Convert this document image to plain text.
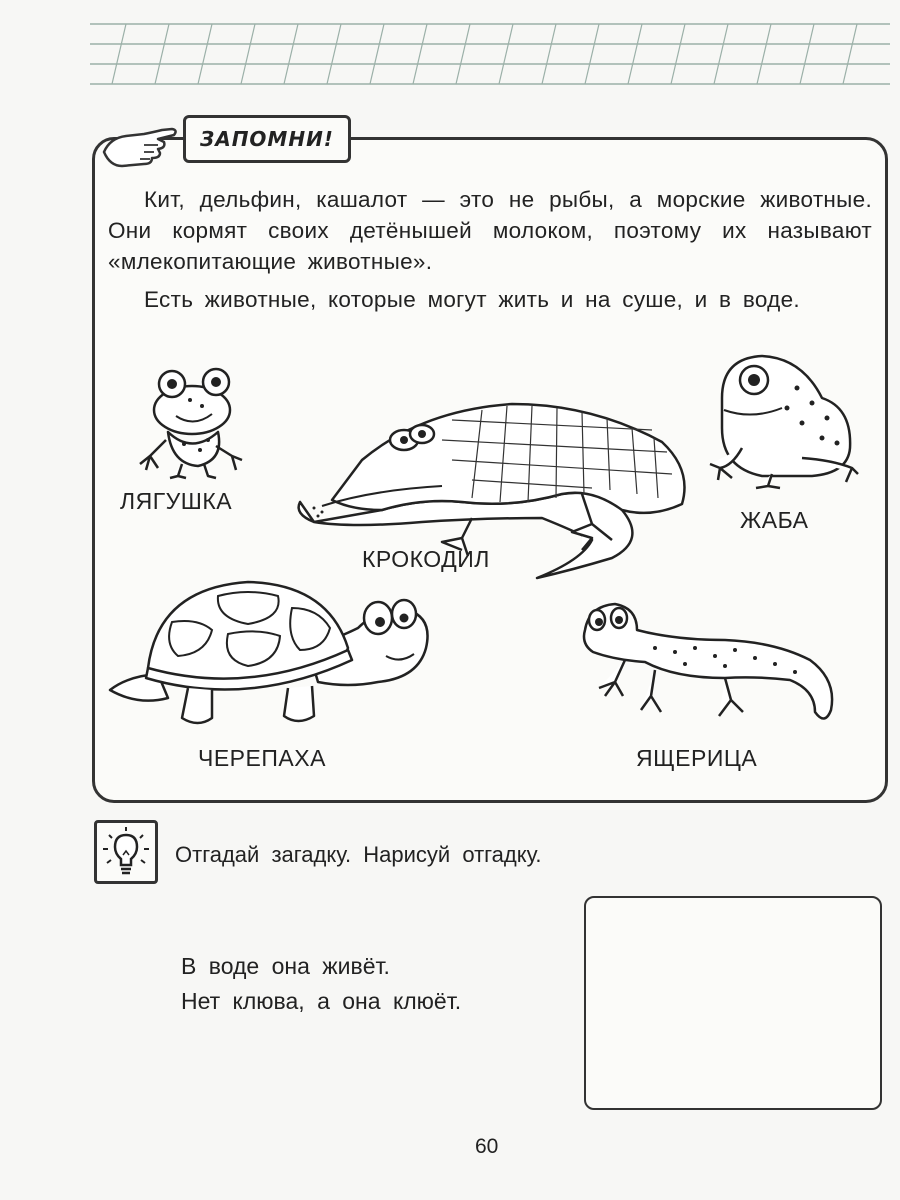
ЗАПОМНИ!
Кит, дельфин, кашалот — это не рыбы, а морские животные. Они кормят своих детёнышей молоком, поэтому их называют «млекопитающие животные».
Есть животные, которые могут жить и на суше, и в воде.
ЛЯГУШКА
КРОКОДИЛ
ЖАБА
ЧЕРЕПАХА	ЯЩЕРИЦА
Отгадай загадку. Нарисуй отгадку.
В воде она живёт.
Нет клюва, а она клюёт.
60
